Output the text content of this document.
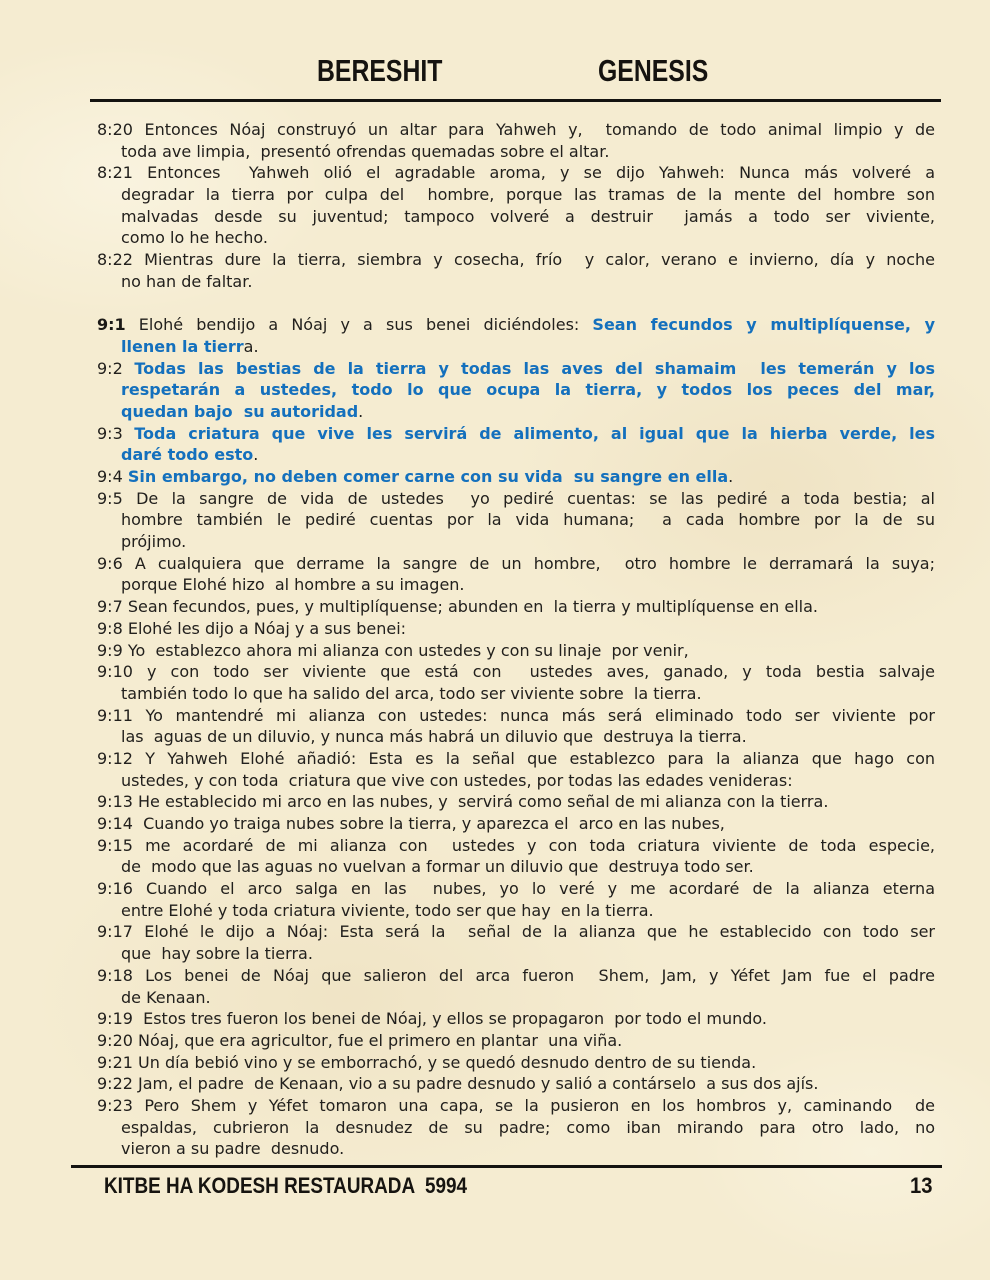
BERESHIT	GENESIS
8:20 Entonces Nóaj construyó un altar para Yahweh y,  tomando de todo animal limpio y de
toda ave limpia,  presentó ofrendas quemadas sobre el altar.
8:21 Entonces  Yahweh olió el agradable aroma, y se dijo Yahweh: Nunca más volveré a
degradar la tierra por culpa del  hombre, porque las tramas de la mente del hombre son
malvadas desde su juventud; tampoco volveré a destruir  jamás a todo ser viviente,
como lo he hecho.
8:22 Mientras dure la tierra, siembra y cosecha, frío  y calor, verano e invierno, día y noche
no han de faltar.
9:1 Elohé bendijo a Nóaj y a sus benei diciéndoles: Sean fecundos y multiplíquense, y
llenen la tierra.
9:2 Todas las bestias de la tierra y todas las aves del shamaim  les temerán y los
respetarán a ustedes, todo lo que ocupa la tierra, y todos los peces del mar,
quedan bajo  su autoridad.
9:3 Toda criatura que vive les servirá de alimento, al igual que la hierba verde, les
daré todo esto.
9:4 Sin embargo, no deben comer carne con su vida  su sangre en ella.
9:5 De la sangre de vida de ustedes  yo pediré cuentas: se las pediré a toda bestia; al
hombre también le pediré cuentas por la vida humana;  a cada hombre por la de su
prójimo.
9:6 A cualquiera que derrame la sangre de un hombre,  otro hombre le derramará la suya;
porque Elohé hizo  al hombre a su imagen.
9:7 Sean fecundos, pues, y multiplíquense; abunden en  la tierra y multiplíquense en ella.
9:8 Elohé les dijo a Nóaj y a sus benei:
9:9 Yo  establezco ahora mi alianza con ustedes y con su linaje  por venir,
9:10 y con todo ser viviente que está con  ustedes aves, ganado, y toda bestia salvaje
también todo lo que ha salido del arca, todo ser viviente sobre  la tierra.
9:11 Yo mantendré mi alianza con ustedes: nunca más será eliminado todo ser viviente por
las  aguas de un diluvio, y nunca más habrá un diluvio que  destruya la tierra.
9:12 Y Yahweh Elohé añadió: Esta es la señal que establezco para la alianza que hago con
ustedes, y con toda  criatura que vive con ustedes, por todas las edades venideras:
9:13 He establecido mi arco en las nubes, y  servirá como señal de mi alianza con la tierra.
9:14  Cuando yo traiga nubes sobre la tierra, y aparezca el  arco en las nubes,
9:15 me acordaré de mi alianza con  ustedes y con toda criatura viviente de toda especie,
de  modo que las aguas no vuelvan a formar un diluvio que  destruya todo ser.
9:16 Cuando el arco salga en las  nubes, yo lo veré y me acordaré de la alianza eterna
entre Elohé y toda criatura viviente, todo ser que hay  en la tierra.
9:17 Elohé le dijo a Nóaj: Esta será la  señal de la alianza que he establecido con todo ser
que  hay sobre la tierra.
9:18 Los benei de Nóaj que salieron del arca fueron  Shem, Jam, y Yéfet Jam fue el padre
de Kenaan.
9:19  Estos tres fueron los benei de Nóaj, y ellos se propagaron  por todo el mundo.
9:20 Nóaj, que era agricultor, fue el primero en plantar  una viña.
9:21 Un día bebió vino y se emborrachó, y se quedó desnudo dentro de su tienda.
9:22 Jam, el padre  de Kenaan, vio a su padre desnudo y salió a contárselo  a sus dos ajís.
9:23 Pero Shem y Yéfet tomaron una capa, se la pusieron en los hombros y, caminando  de
espaldas, cubrieron la desnudez de su padre; como iban mirando para otro lado, no
vieron a su padre  desnudo.
KITBE HA KODESH RESTAURADA  5994	13
